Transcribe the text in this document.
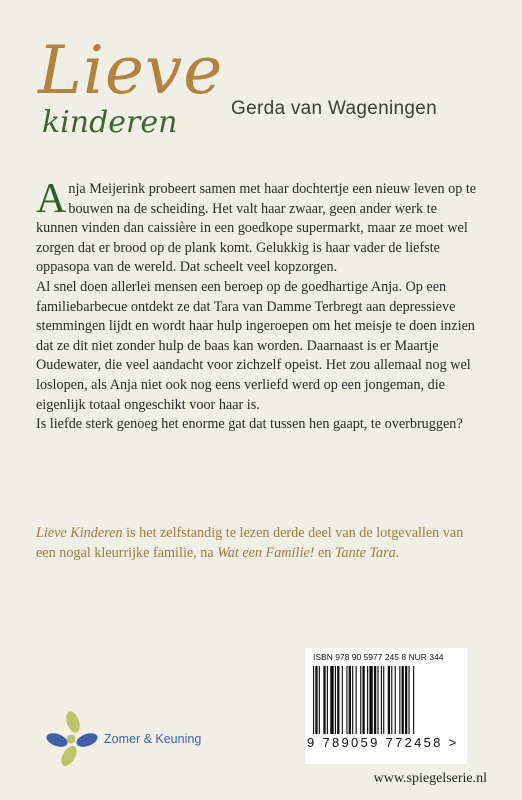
Lieve
kinderen	Gerda van Wageningen

Anja Meijerink probeert samen met haar dochtertje een nieuw leven op te bouwen na de scheiding. Het valt haar zwaar, geen ander werk te kunnen vinden dan caissière in een goedkope supermarkt, maar ze moet wel zorgen dat er brood op de plank komt. Gelukkig is haar vader de liefste oppasopa van de wereld. Dat scheelt veel kopzorgen.

Al snel doen allerlei mensen een beroep op de goedhartige Anja. Op een familiebarbecue ontdekt ze dat Tara van Damme Terbregt aan depressieve stemmingen lijdt en wordt haar hulp ingeroepen om het meisje te doen inzien dat ze dit niet zonder hulp de baas kan worden. Daarnaast is er Maartje Oudewater, die veel aandacht voor zichzelf opeist. Het zou allemaal nog wel loslopen, als Anja niet ook nog eens verliefd werd op een jongeman, die eigenlijk totaal ongeschikt voor haar is.

Is liefde sterk genoeg het enorme gat dat tussen hen gaapt, te overbruggen?

Lieve Kinderen is het zelfstandig te lezen derde deel van de lotgevallen van een nogal kleurrijke familie, na Wat een Familie! en Tante Tara.
ISBN 978 90 5977 245 8 NUR 344
9 789059 772458 >
Zomer & Keuning
www.spiegelserie.nl
